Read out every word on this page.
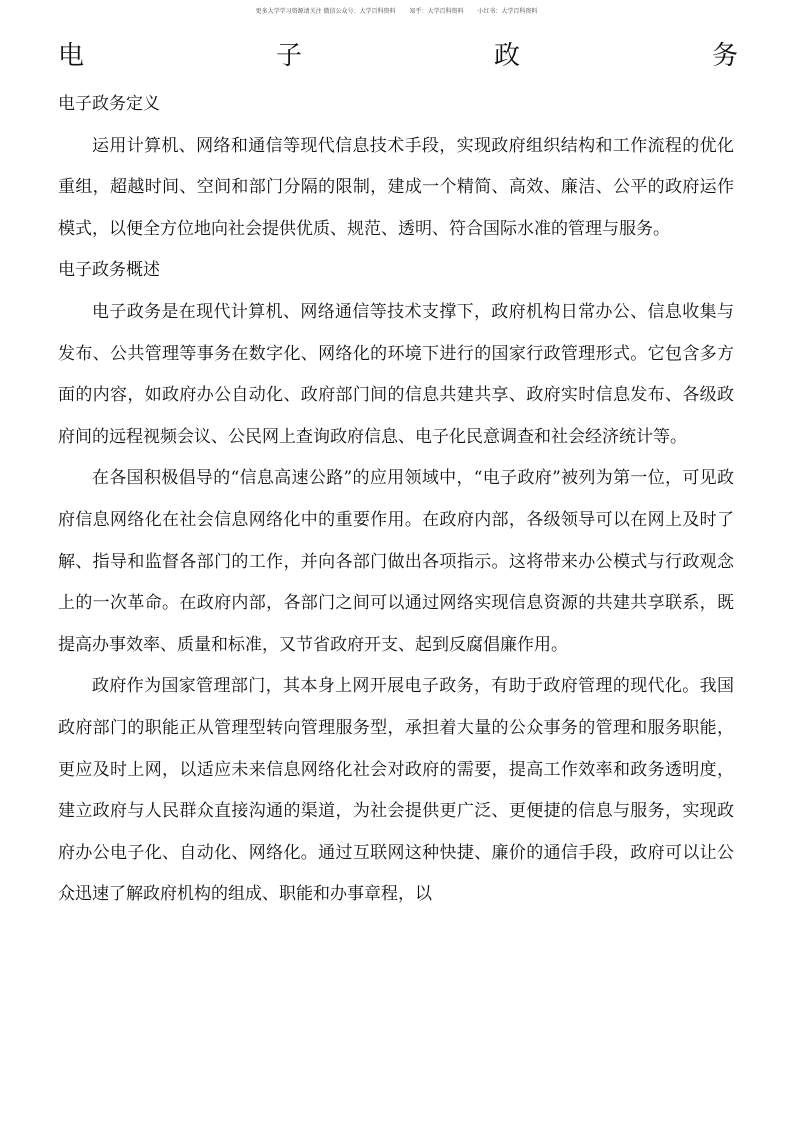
更多大学学习资源请关注 微信公众号：大学百科资料 知乎：大学百科资料 小红书：大学百科资料
电	子	政	务
电子政务定义

运用计算机、网络和通信等现代信息技术手段，实现政府组织结构和工作流程的优化重组，超越时间、空间和部门分隔的限制，建成一个精简、高效、廉洁、公平的政府运作模式，以便全方位地向社会提供优质、规范、透明、符合国际水准的管理与服务。

电子政务概述

电子政务是在现代计算机、网络通信等技术支撑下，政府机构日常办公、信息收集与发布、公共管理等事务在数字化、网络化的环境下进行的国家行政管理形式。它包含多方面的内容，如政府办公自动化、政府部门间的信息共建共享、政府实时信息发布、各级政府间的远程视频会议、公民网上查询政府信息、电子化民意调查和社会经济统计等。

在各国积极倡导的“信息高速公路”的应用领域中，“电子政府”被列为第一位，可见政府信息网络化在社会信息网络化中的重要作用。在政府内部，各级领导可以在网上及时了解、指导和监督各部门的工作，并向各部门做出各项指示。这将带来办公模式与行政观念上的一次革命。在政府内部，各部门之间可以通过网络实现信息资源的共建共享联系，既提高办事效率、质量和标准，又节省政府开支、起到反腐倡廉作用。

政府作为国家管理部门，其本身上网开展电子政务，有助于政府管理的现代化。我国政府部门的职能正从管理型转向管理服务型，承担着大量的公众事务的管理和服务职能，更应及时上网，以适应未来信息网络化社会对政府的需要，提高工作效率和政务透明度，建立政府与人民群众直接沟通的渠道，为社会提供更广泛、更便捷的信息与服务，实现政府办公电子化、自动化、网络化。通过互联网这种快捷、廉价的通信手段，政府可以让公众迅速了解政府机构的组成、职能和办事章程，以
